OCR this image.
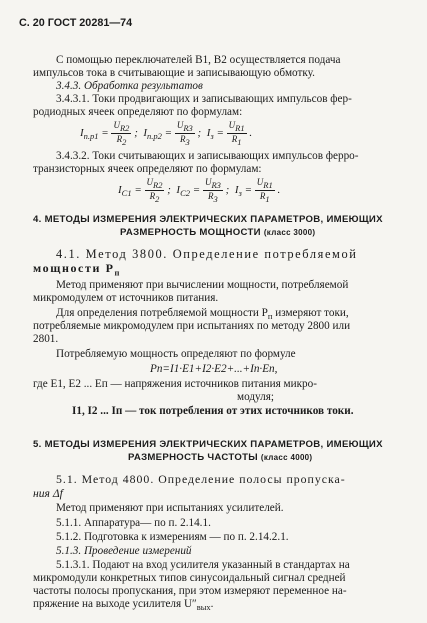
С. 20 ГОСТ 20281—74
С помощью переключателей B1, B2 осуществляется подача
импульсов тока в считывающие и записывающую обмотку.
3.4.3. Обработка результатов
3.4.3.1. Токи продвигающих и записывающих импульсов фер-
родиодных ячеек определяют по формулам:
$I_{п.р1} = \frac{U_{R2}}{R_2}$ ; $I_{п.р2} = \frac{U_{R3}}{R_3}$ ; $I_з = \frac{U_{R1}}{R_1}$ .
3.4.3.2. Токи считывающих и записывающих импульсов ферро-
транзисторных ячеек определяют по формулам:
$I_{С1} = \frac{U_{R2}}{R_2}$ ; $I_{С2} = \frac{U_{R3}}{R_3}$ ; $I_з = \frac{U_{R1}}{R_1}$ .
4. МЕТОДЫ ИЗМЕРЕНИЯ ЭЛЕКТРИЧЕСКИХ ПАРАМЕТРОВ, ИМЕЮЩИХ
РАЗМЕРНОСТЬ МОЩНОСТИ (класс 3000)
4.1. Метод 3800. Определение потребляемой
мощности $P_п$
Метод применяют при вычислении мощности, потребляемой
микромодулем от источников питания.
Для определения потребляемой мощности $P_п$ измеряют токи,
потребляемые микромодулем при испытаниях по методу 2800 или
2801.
Потребляемую мощность определяют по формуле
Pп=I1·E1+I2·E2+...+Iп·Eп,
где E1, E2 ... Eп — напряжения источников питания микро-
модуля;
I1, I2 ... Iп — ток потребления от этих источников токи.
5. МЕТОДЫ ИЗМЕРЕНИЯ ЭЛЕКТРИЧЕСКИХ ПАРАМЕТРОВ, ИМЕЮЩИХ
РАЗМЕРНОСТЬ ЧАСТОТЫ (класс 4000)
5.1. Метод 4800. Определение полосы пропуска-
ния Δf
Метод применяют при испытаниях усилителей.
5.1.1. Аппаратура— по п. 2.14.1.
5.1.2. Подготовка к измерениям — по п. 2.14.2.1.
5.1.3. Проведение измерений
5.1.3.1. Подают на вход усилителя указанный в стандартах на
микромодули конкретных типов синусоидальный сигнал средней
частоты полосы пропускания, при этом измеряют переменное на-
пряжение на выходе усилителя $U''_{вых}$.
